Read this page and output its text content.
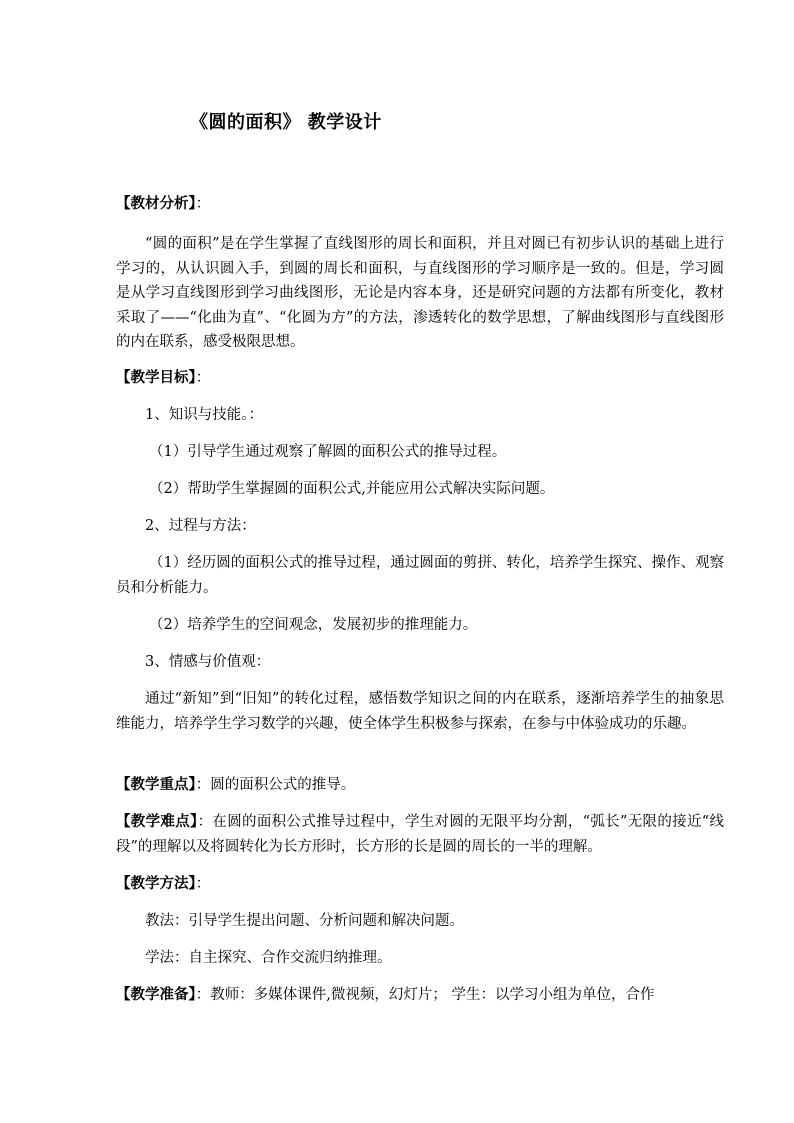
《圆的面积》 教学设计
【教材分析】：
“圆的面积”是在学生掌握了直线图形的周长和面积，并且对圆已有初步认识的基础上进行学习的，从认识圆入手，到圆的周长和面积，与直线图形的学习顺序是一致的。但是，学习圆是从学习直线图形到学习曲线图形，无论是内容本身，还是研究问题的方法都有所变化，教材采取了——“化曲为直”、“化圆为方”的方法，渗透转化的数学思想，了解曲线图形与直线图形的内在联系，感受极限思想。
【教学目标】：
1、知识与技能。：
（1）引导学生通过观察了解圆的面积公式的推导过程。
（2）帮助学生掌握圆的面积公式,并能应用公式解决实际问题。
2、过程与方法：
（1）经历圆的面积公式的推导过程，通过圆面的剪拼、转化，培养学生探究、操作、观察员和分析能力。
（2）培养学生的空间观念，发展初步的推理能力。
3、情感与价值观：
通过“新知”到“旧知”的转化过程，感悟数学知识之间的内在联系，逐渐培养学生的抽象思维能力，培养学生学习数学的兴趣，使全体学生积极参与探索，在参与中体验成功的乐趣。
【教学重点】：圆的面积公式的推导。
【教学难点】：在圆的面积公式推导过程中，学生对圆的无限平均分割，“弧长”无限的接近“线段”的理解以及将圆转化为长方形时，长方形的长是圆的周长的一半的理解。
【教学方法】：
教法：引导学生提出问题、分析问题和解决问题。
学法：自主探究、合作交流归纳推理。
【教学准备】：教师：多媒体课件,微视频，幻灯片； 学生：以学习小组为单位，合作
